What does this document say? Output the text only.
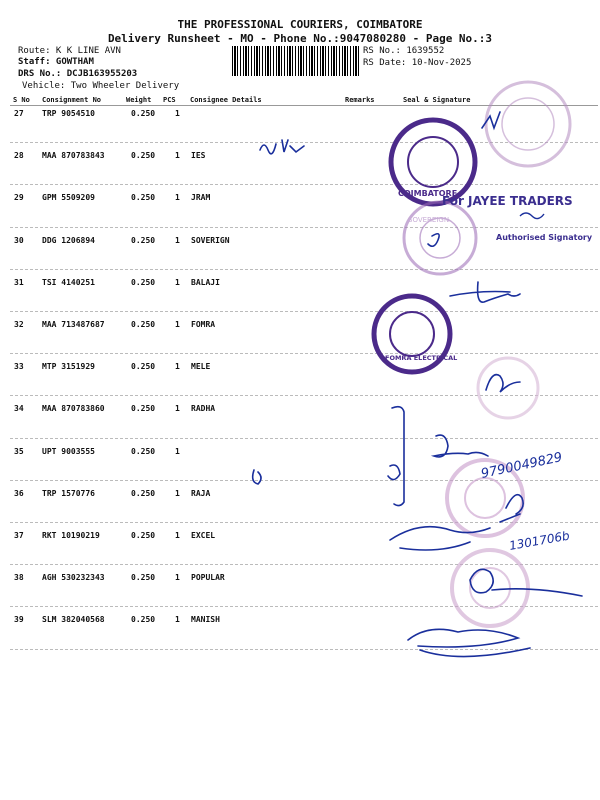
THE PROFESSIONAL COURIERS, COIMBATORE
Delivery Runsheet - MO - Phone No.:9047080280 - Page No.:3
Route: K K LINE AVN
Staff: GOWTHAM
DRS No.: DCJB163955203
Vehicle: Two Wheeler Delivery
RS No.: 1639552
RS Date: 10-Nov-2025
S No Consignment No	Weight PCS Consignee Details	Remarks	Seal & Signature
27 TRP 9054510	0.250 1
28 MAA 870783843	0.250 1 IES
29 GPM 5509209	0.250 1 JRAM
30 DDG 1206894	0.250 1 SOVERIGN
31 TSI 4140251	0.250 1 BALAJI
32 MAA 713487687	0.250 1 FOMRA
33 MTP 3151929	0.250 1 MELE
34 MAA 870783860	0.250 1 RADHA
35 UPT 9003555	0.250 1
36 TRP 1570776	0.250 1 RAJA
37 RKT 10190219	0.250 1 EXCEL
38 AGH 530232343	0.250 1 POPULAR
39 SLM 382040568	0.250 1 MANISH
COIMBATORE
SOVEREIGN
FOMRA ELECTRICAL
9790049829
1301706b
For JAYEE TRADERS
Authorised Signatory
